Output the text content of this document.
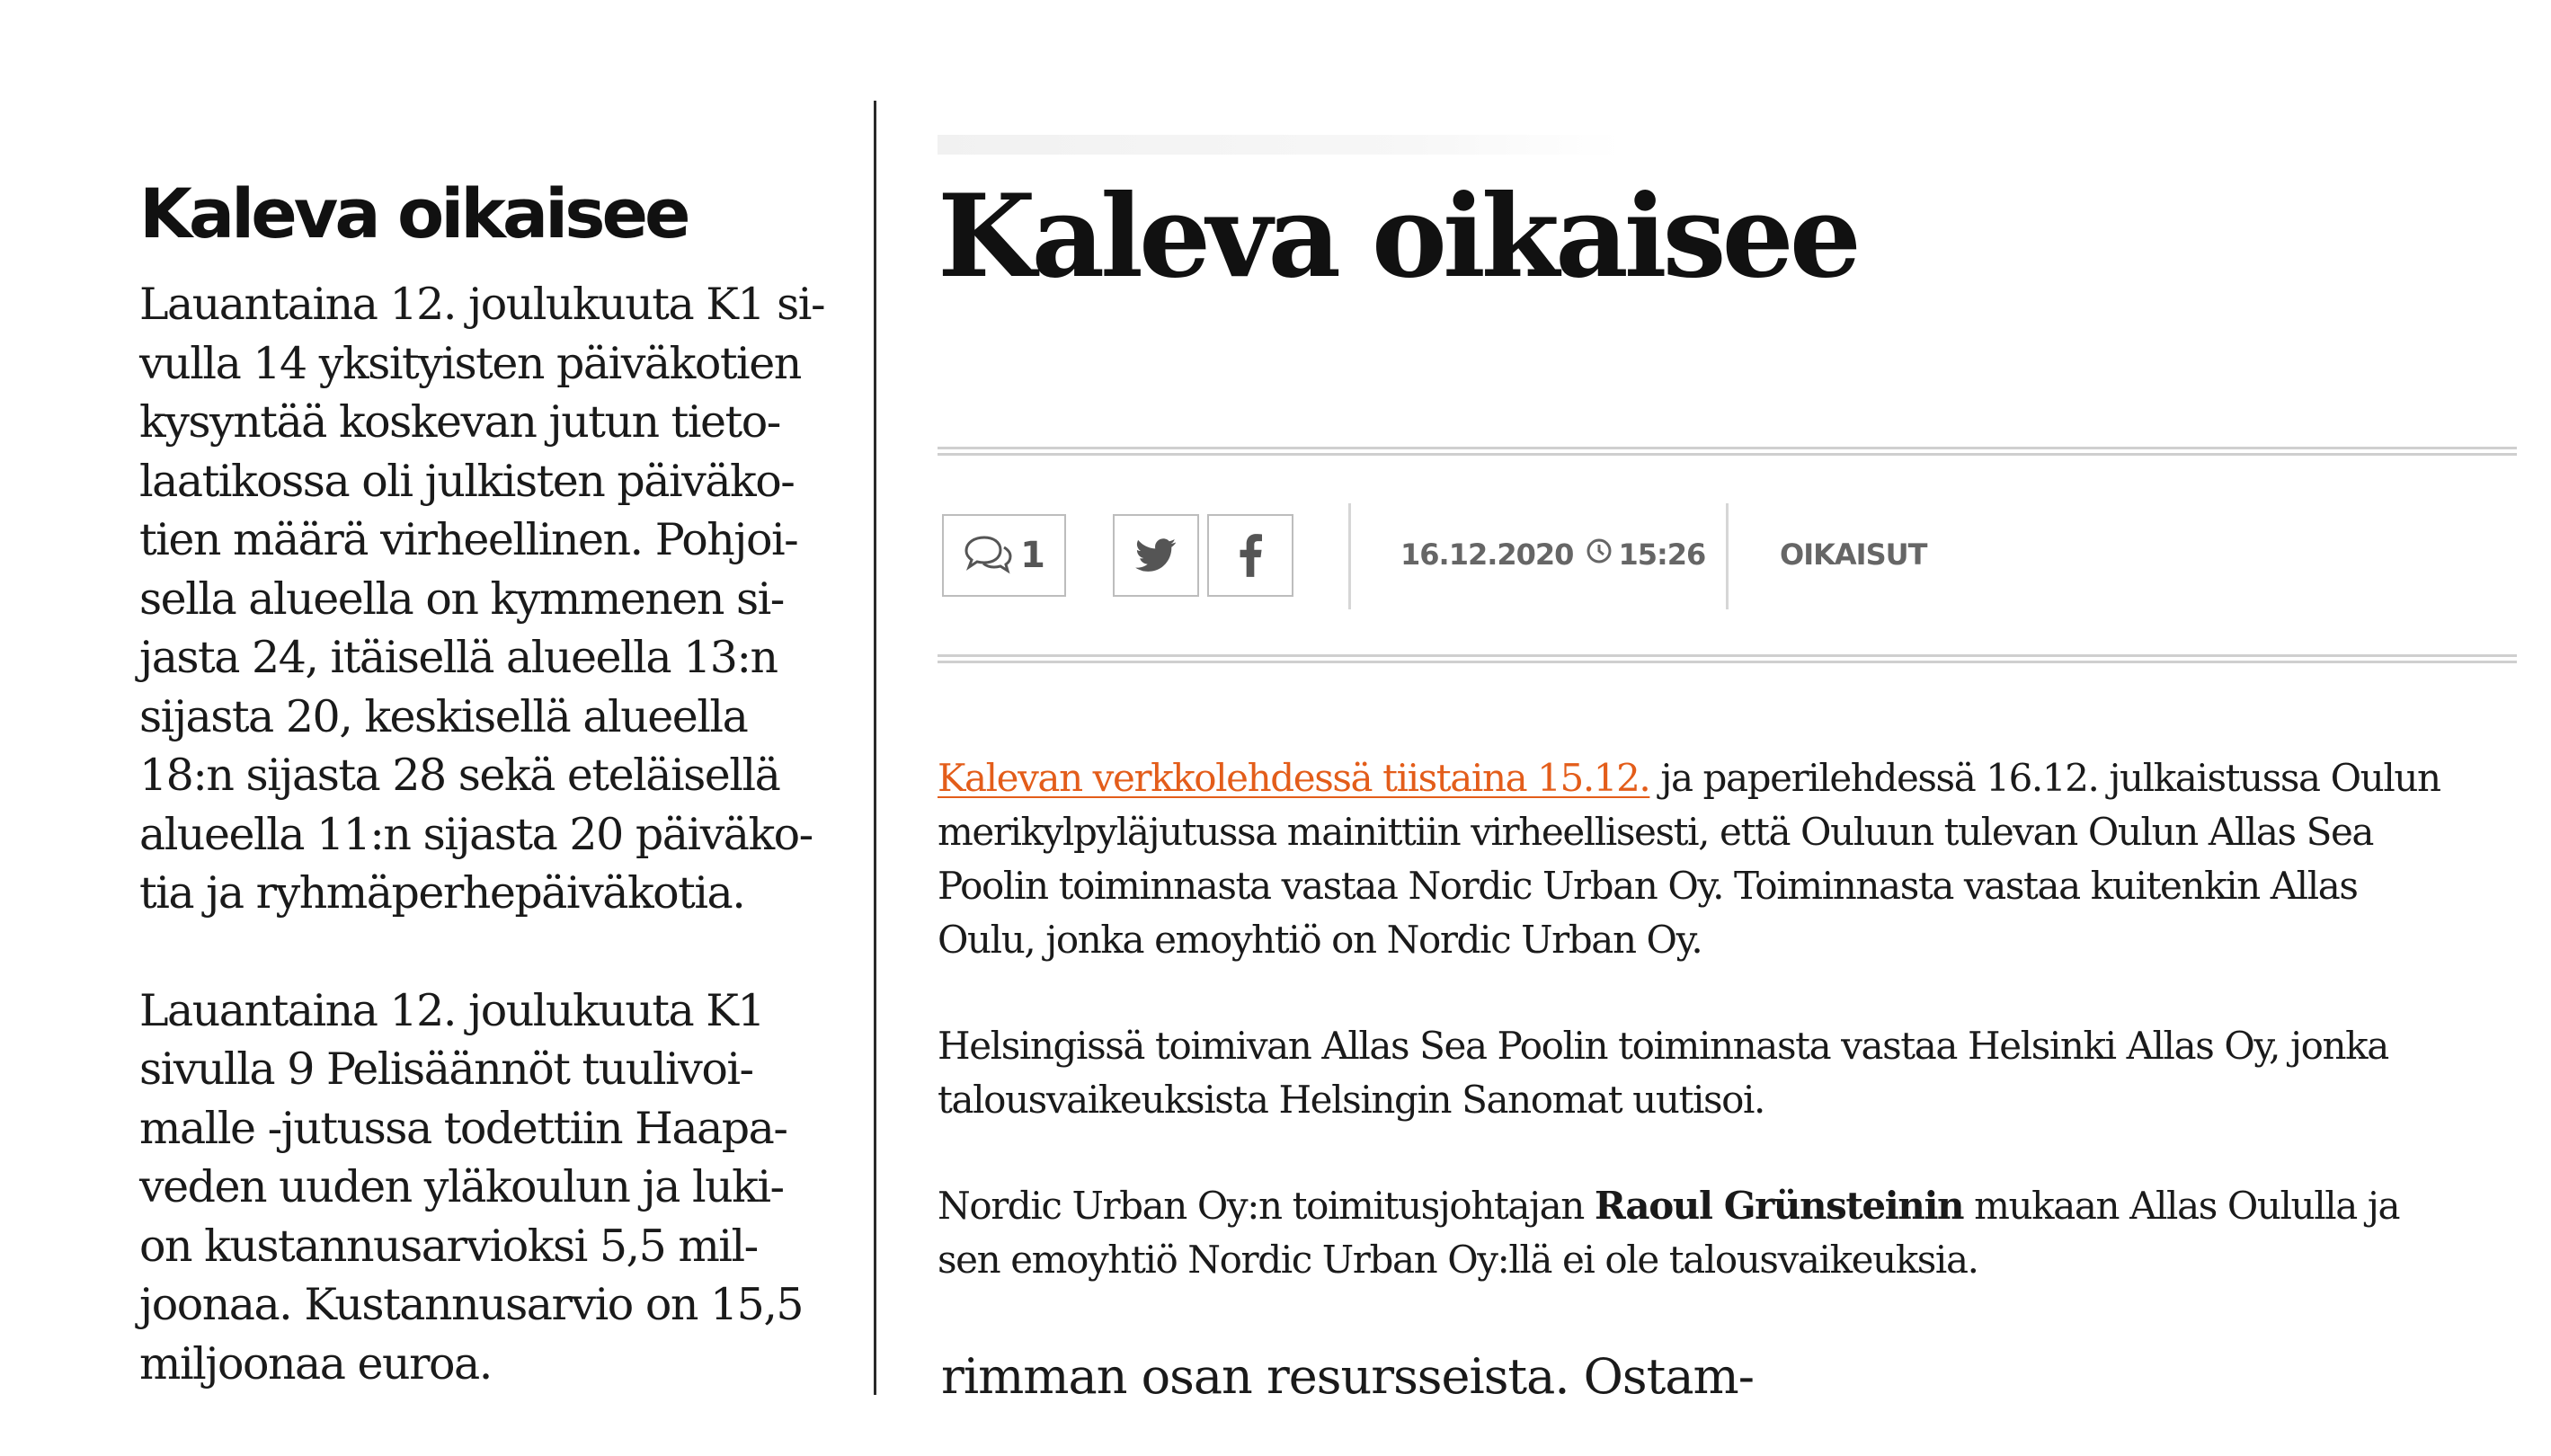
Kaleva oikaisee

Lauantaina 12. joulukuuta K1 si-
vulla 14 yksityisten päiväkotien
kysyntää koskevan jutun tieto-
laatikossa oli julkisten päiväko-
tien määrä virheellinen. Pohjoi-
sella alueella on kymmenen si-
jasta 24, itäisellä alueella 13:n
sijasta 20, keskisellä alueella
18:n sijasta 28 sekä eteläisellä
alueella 11:n sijasta 20 päiväko-
tia ja ryhmäperhepäiväkotia.

Lauantaina 12. joulukuuta K1
sivulla 9 Pelisäännöt tuulivoi-
malle -jutussa todettiin Haapa-
veden uuden yläkoulun ja luki-
on kustannusarvioksi 5,5 mil-
joonaa. Kustannusarvio on 15,5
miljoonaa euroa.

Kaleva oikaisee
1	16.12.2020 15:26	OIKAISUT

Kalevan verkkolehdessä tiistaina 15.12. ja paperilehdessä 16.12. julkaistussa Oulun
merikylpyläjutussa mainittiin virheellisesti, että Ouluun tulevan Oulun Allas Sea
Poolin toiminnasta vastaa Nordic Urban Oy. Toiminnasta vastaa kuitenkin Allas
Oulu, jonka emoyhtiö on Nordic Urban Oy.

Helsingissä toimivan Allas Sea Poolin toiminnasta vastaa Helsinki Allas Oy, jonka
talousvaikeuksista Helsingin Sanomat uutisoi.

Nordic Urban Oy:n toimitusjohtajan Raoul Grünsteinin mukaan Allas Oululla ja
sen emoyhtiö Nordic Urban Oy:llä ei ole talousvaikeuksia.

rimman osan resursseista. Ostam-
